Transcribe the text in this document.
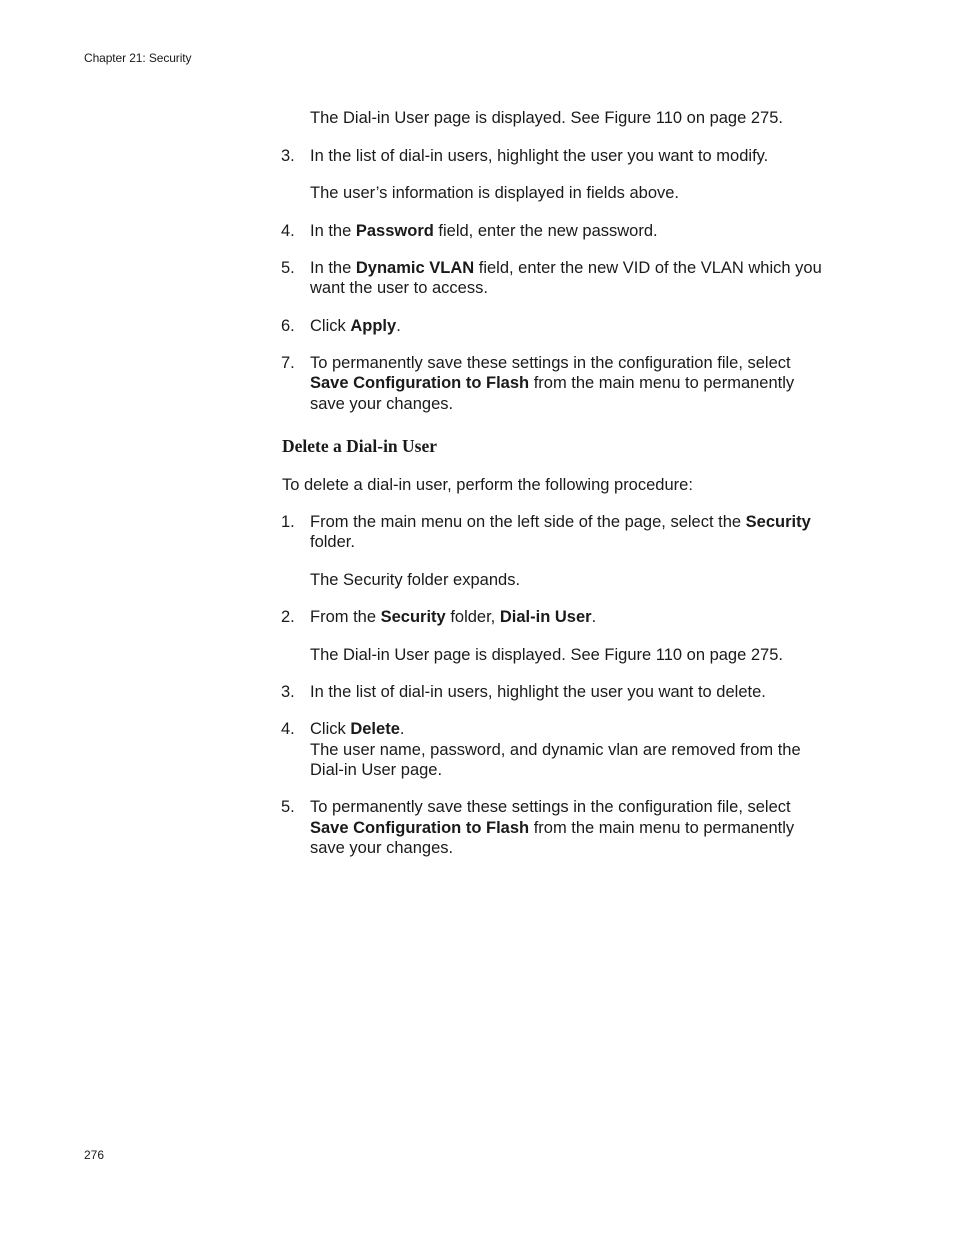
Chapter 21: Security
The Dial-in User page is displayed. See Figure 110 on page 275.
3. In the list of dial-in users, highlight the user you want to modify.
The user’s information is displayed in fields above.
4. In the Password field, enter the new password.
5. In the Dynamic VLAN field, enter the new VID of the VLAN which you
want the user to access.
6. Click Apply.
7. To permanently save these settings in the configuration file, select
Save Configuration to Flash from the main menu to permanently
save your changes.
Delete a Dial-in User
To delete a dial-in user, perform the following procedure:
1. From the main menu on the left side of the page, select the Security
folder.
The Security folder expands.
2. From the Security folder, Dial-in User.
The Dial-in User page is displayed. See Figure 110 on page 275.
3. In the list of dial-in users, highlight the user you want to delete.
4. Click Delete.
The user name, password, and dynamic vlan are removed from the
Dial-in User page.
5. To permanently save these settings in the configuration file, select
Save Configuration to Flash from the main menu to permanently
save your changes.
276
